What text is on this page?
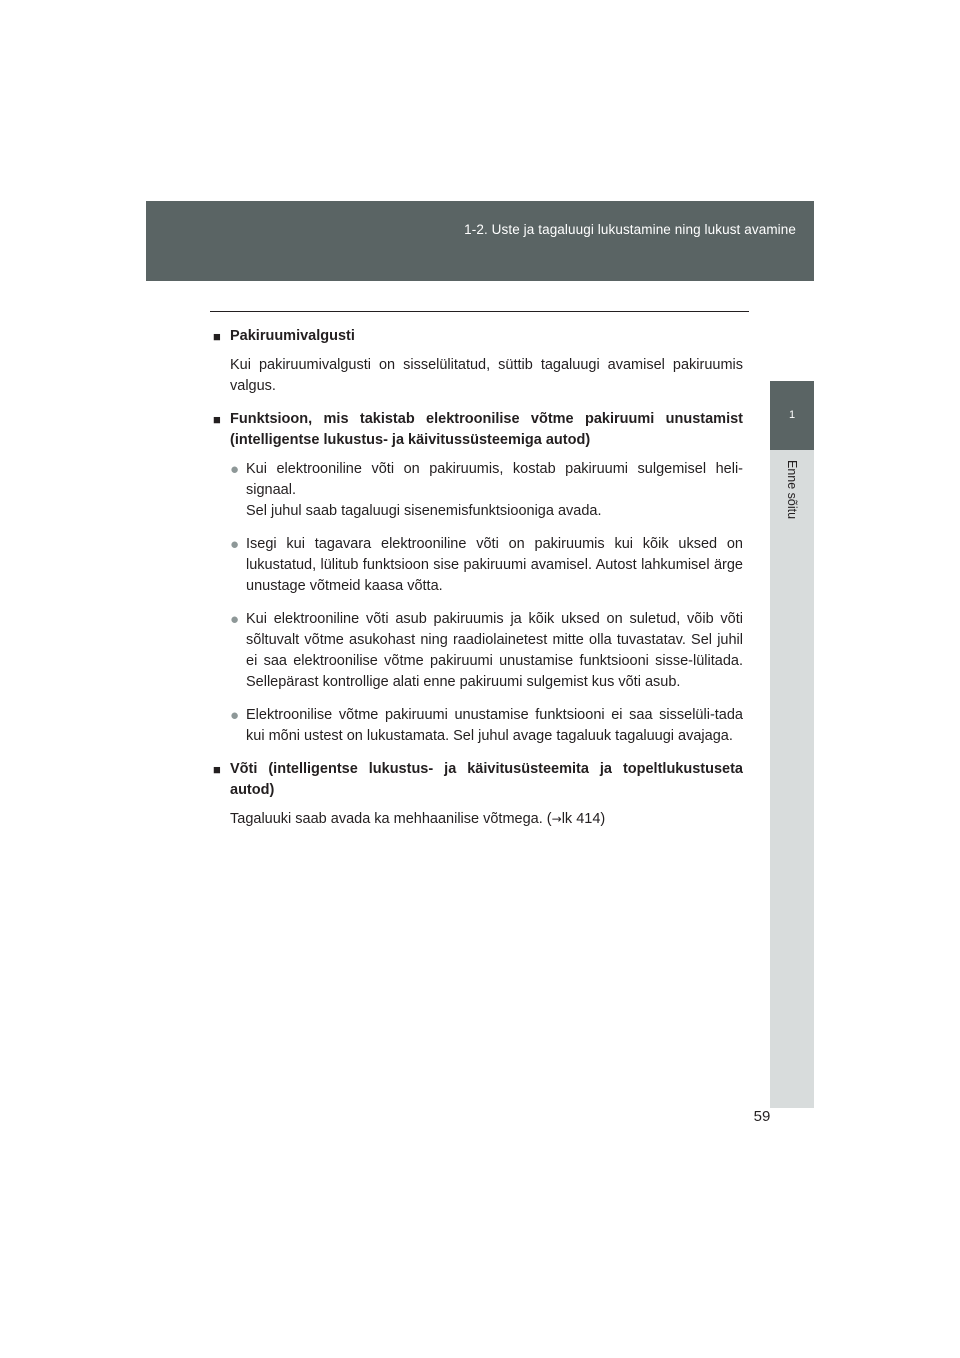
1-2. Uste ja tagaluugi lukustamine ning lukust avamine
1
Enne sõitu
■ Pakiruumivalgusti

Kui pakiruumivalgusti on sisselülitatud, süttib tagaluugi avamisel pakiruumis valgus.

■ Funktsioon, mis takistab elektroonilise võtme pakiruumi unustamist (intelligentse lukustus- ja käivitussüsteemiga autod)
● Kui elektrooniline võti on pakiruumis, kostab pakiruumi sulgemisel heli-signaal.
Sel juhul saab tagaluugi sisenemisfunktsiooniga avada.
● Isegi kui tagavara elektrooniline võti on pakiruumis kui kõik uksed on lukustatud, lülitub funktsioon sise pakiruumi avamisel. Autost lahkumisel ärge unustage võtmeid kaasa võtta.
● Kui elektrooniline võti asub pakiruumis ja kõik uksed on suletud, võib võti sõltuvalt võtme asukohast ning raadiolainetest mitte olla tuvastatav. Sel juhil ei saa elektroonilise võtme pakiruumi unustamise funktsiooni sisse-lülitada. Sellepärast kontrollige alati enne pakiruumi sulgemist kus võti asub.
● Elektroonilise võtme pakiruumi unustamise funktsiooni ei saa sisselüli-tada kui mõni ustest on lukustamata. Sel juhul avage tagaluuk tagaluugi avajaga.
■ Võti (intelligentse lukustus- ja käivitusüsteemita ja topeltlukustuseta autod)

Tagaluuki saab avada ka mehhaanilise võtmega. (→lk 414)

59
